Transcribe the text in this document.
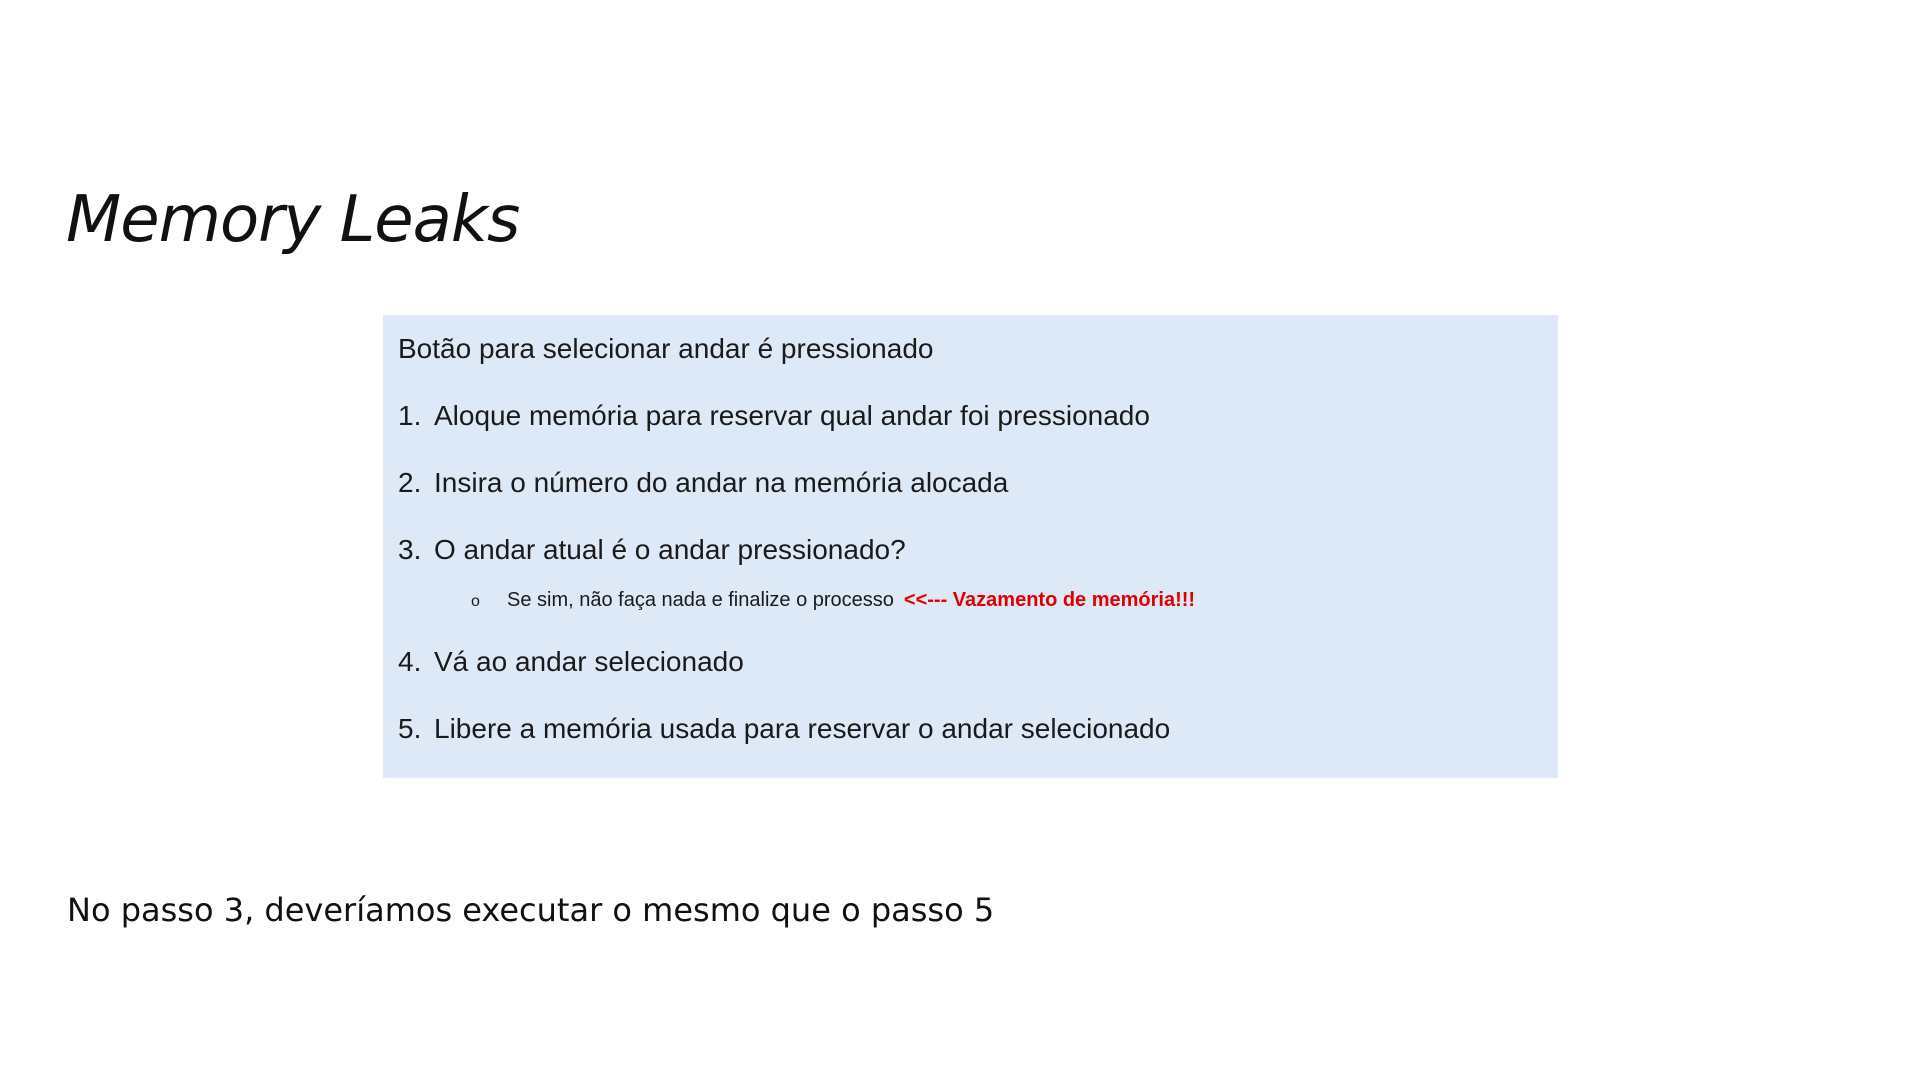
Memory Leaks
Botão para selecionar andar é pressionado
1. Aloque memória para reservar qual andar foi pressionado
2. Insira o número do andar na memória alocada
3. O andar atual é o andar pressionado?
o Se sim, não faça nada e finalize o processo <<--- Vazamento de memória!!!
4. Vá ao andar selecionado
5. Libere a memória usada para reservar o andar selecionado

No passo 3, deveríamos executar o mesmo que o passo 5
